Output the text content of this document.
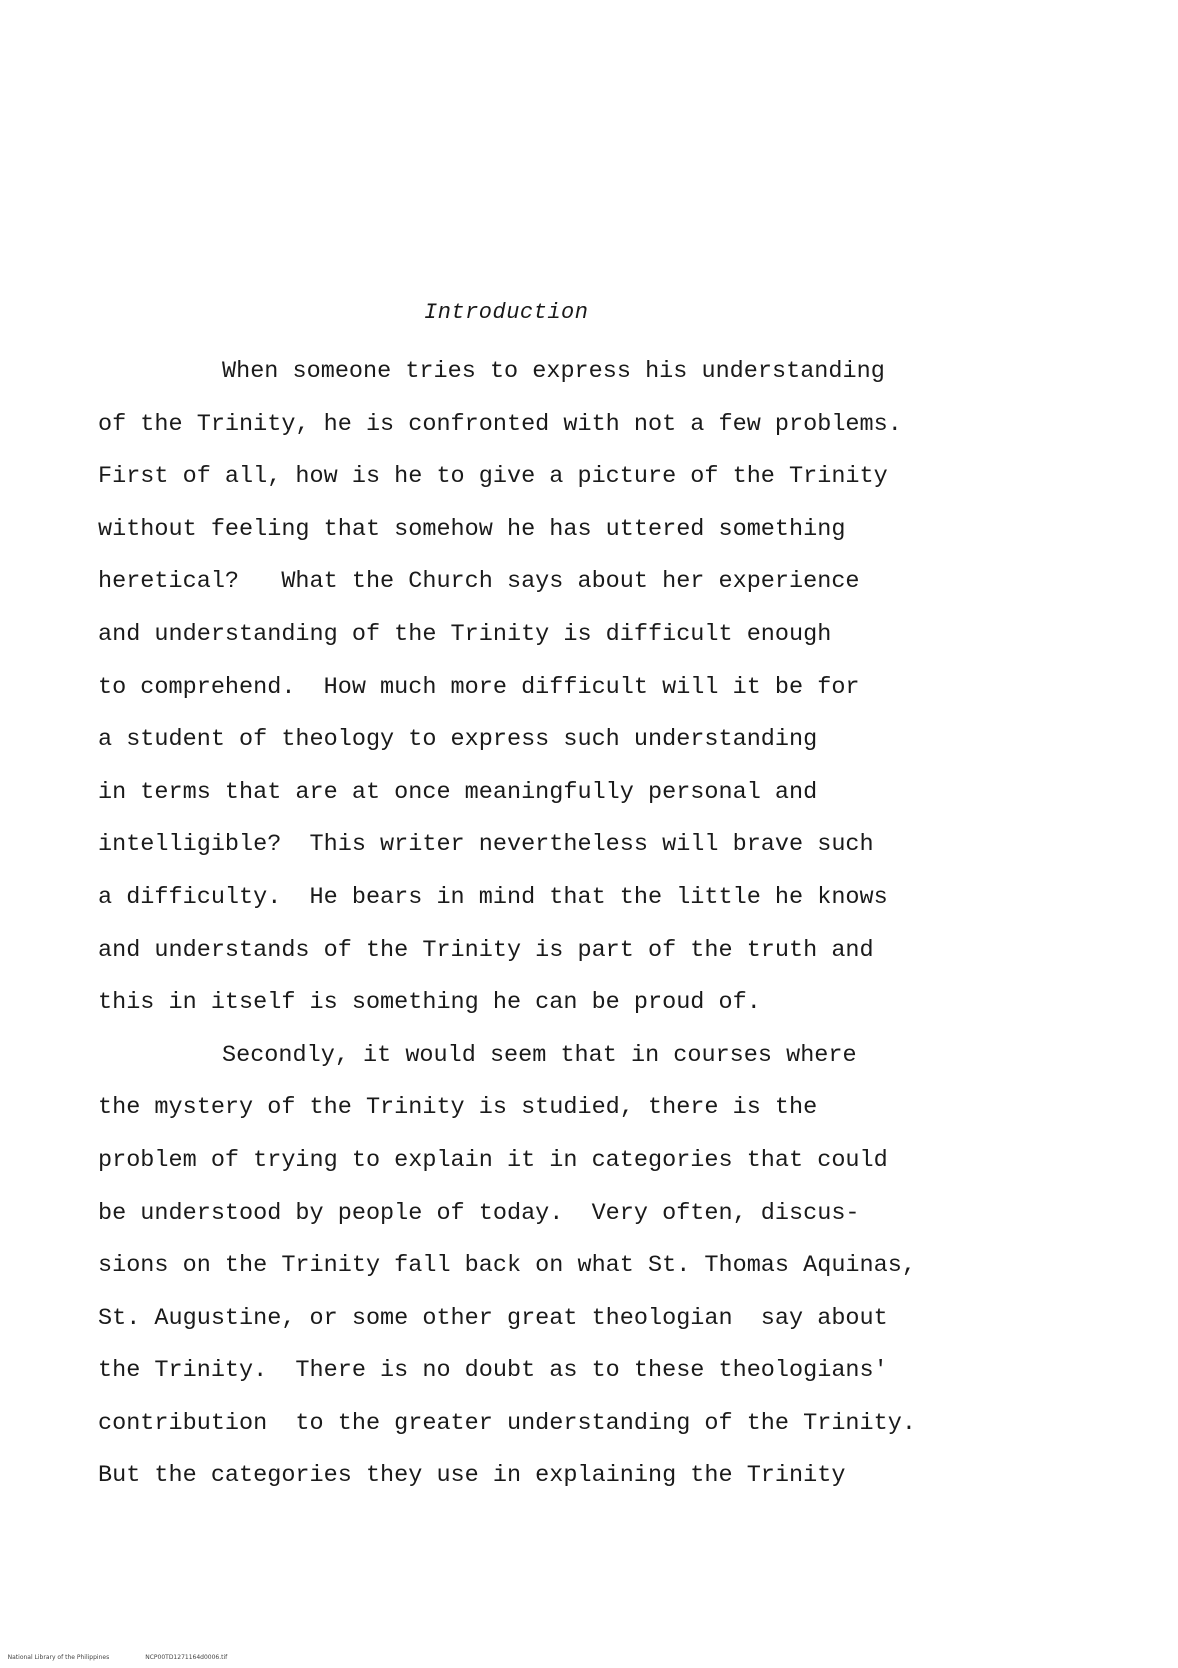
Introduction
When someone tries to express his understanding
of the Trinity, he is confronted with not a few problems.
First of all, how is he to give a picture of the Trinity
without feeling that somehow he has uttered something
heretical?   What the Church says about her experience
and understanding of the Trinity is difficult enough
to comprehend.  How much more difficult will it be for
a student of theology to express such understanding
in terms that are at once meaningfully personal and
intelligible?  This writer nevertheless will brave such
a difficulty.  He bears in mind that the little he knows
and understands of the Trinity is part of the truth and
this in itself is something he can be proud of.
Secondly, it would seem that in courses where
the mystery of the Trinity is studied, there is the
problem of trying to explain it in categories that could
be understood by people of today.  Very often, discus-
sions on the Trinity fall back on what St. Thomas Aquinas,
St. Augustine, or some other great theologian  say about
the Trinity.  There is no doubt as to these theologians'
contribution  to the greater understanding of the Trinity.
But the categories they use in explaining the Trinity

National Library of the Philippines	NCP00TD1271164d0006.tif
